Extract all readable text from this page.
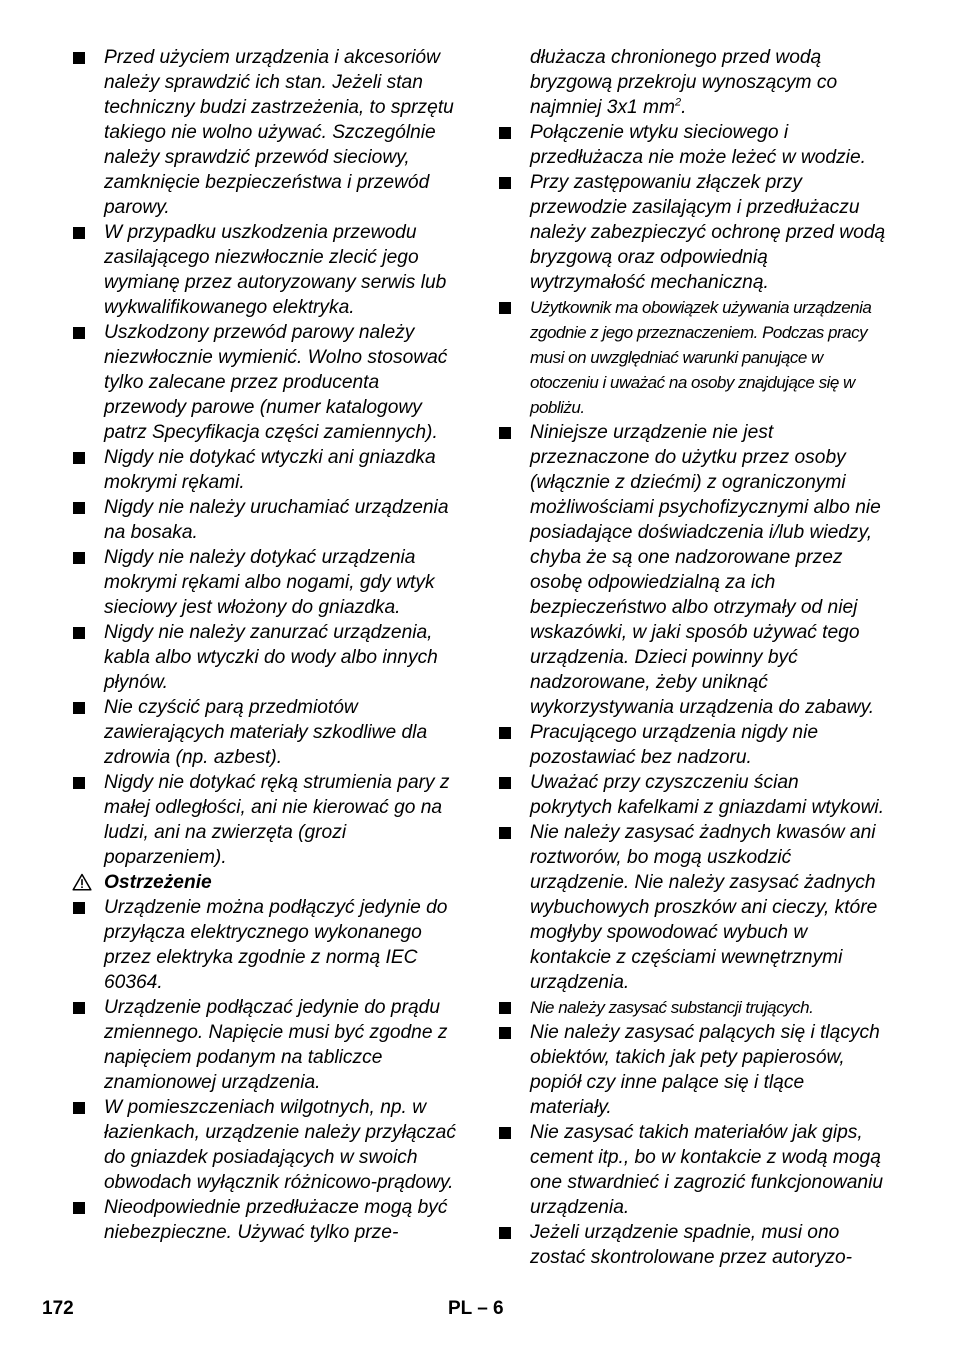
Przed użyciem urządzenia i akcesoriów należy sprawdzić ich stan. Jeżeli stan techniczny budzi zastrzeżenia, to sprzętu takiego nie wolno używać. Szczególnie należy sprawdzić przewód sieciowy, zamknięcie bezpieczeństwa i przewód parowy.
W przypadku uszkodzenia przewodu zasilającego niezwłocznie zlecić jego wymianę przez autoryzowany serwis lub wykwalifikowanego elektryka.
Uszkodzony przewód parowy należy niezwłocznie wymienić. Wolno stosować tylko zalecane przez producenta przewody parowe (numer katalogowy patrz Specyfikacja części zamiennych).
Nigdy nie dotykać wtyczki ani gniazdka mokrymi rękami.
Nigdy nie należy uruchamiać urządzenia na bosaka.
Nigdy nie należy dotykać urządzenia mokrymi rękami albo nogami, gdy wtyk sieciowy jest włożony do gniazdka.
Nigdy nie należy zanurzać urządzenia, kabla albo wtyczki do wody albo innych płynów.
Nie czyścić parą przedmiotów zawierających materiały szkodliwe dla zdrowia (np. azbest).
Nigdy nie dotykać ręką strumienia pary z małej odległości, ani nie kierować go na ludzi, ani na zwierzęta (grozi poparzeniem).
Ostrzeżenie
Urządzenie można podłączyć jedynie do przyłącza elektrycznego wykonanego przez elektryka zgodnie z normą IEC 60364.
Urządzenie podłączać jedynie do prądu zmiennego. Napięcie musi być zgodne z napięciem podanym na tabliczce znamionowej urządzenia.
W pomieszczeniach wilgotnych, np. w łazienkach, urządzenie należy przyłączać do gniazdek posiadających w swoich obwodach wyłącznik różnicowo-prądowy.
Nieodpowiednie przedłużacze mogą być niebezpieczne. Używać tylko prze-
dłużacza chronionego przed wodą bryzgową przekroju wynoszącym co najmniej 3x1 $mm^2$.
Połączenie wtyku sieciowego i przedłużacza nie może leżeć w wodzie.
Przy zastępowaniu złączek przy przewodzie zasilającym i przedłużaczu należy zabezpieczyć ochronę przed wodą bryzgową oraz odpowiednią wytrzymałość mechaniczną.
Użytkownik ma obowiązek używania urządzenia zgodnie z jego przeznaczeniem. Podczas pracy musi on uwzględniać warunki panujące w otoczeniu i uważać na osoby znajdujące się w pobliżu.
Niniejsze urządzenie nie jest przeznaczone do użytku przez osoby (włącznie z dziećmi) z ograniczonymi możliwościami psychofizycznymi albo nie posiadające doświadczenia i/lub wiedzy, chyba że są one nadzorowane przez osobę odpowiedzialną za ich bezpieczeństwo albo otrzymały od niej wskazówki, w jaki sposób używać tego urządzenia. Dzieci powinny być nadzorowane, żeby uniknąć wykorzystywania urządzenia do zabawy.
Pracującego urządzenia nigdy nie pozostawiać bez nadzoru.
Uważać przy czyszczeniu ścian pokrytych kafelkami z gniazdami wtykowi.
Nie należy zasysać żadnych kwasów ani roztworów, bo mogą uszkodzić urządzenie. Nie należy zasysać żadnych wybuchowych proszków ani cieczy, które mogłyby spowodować wybuch w kontakcie z częściami wewnętrznymi urządzenia.
Nie należy zasysać substancji trujących.
Nie należy zasysać palących się i tlących obiektów, takich jak pety papierosów, popiół czy inne palące się i tlące materiały.
Nie zasysać takich materiałów jak gips, cement itp., bo w kontakcie z wodą mogą one stwardnieć i zagrozić funkcjonowaniu urządzenia.
Jeżeli urządzenie spadnie, musi ono zostać skontrolowane przez autoryzo-
172	PL – 6
